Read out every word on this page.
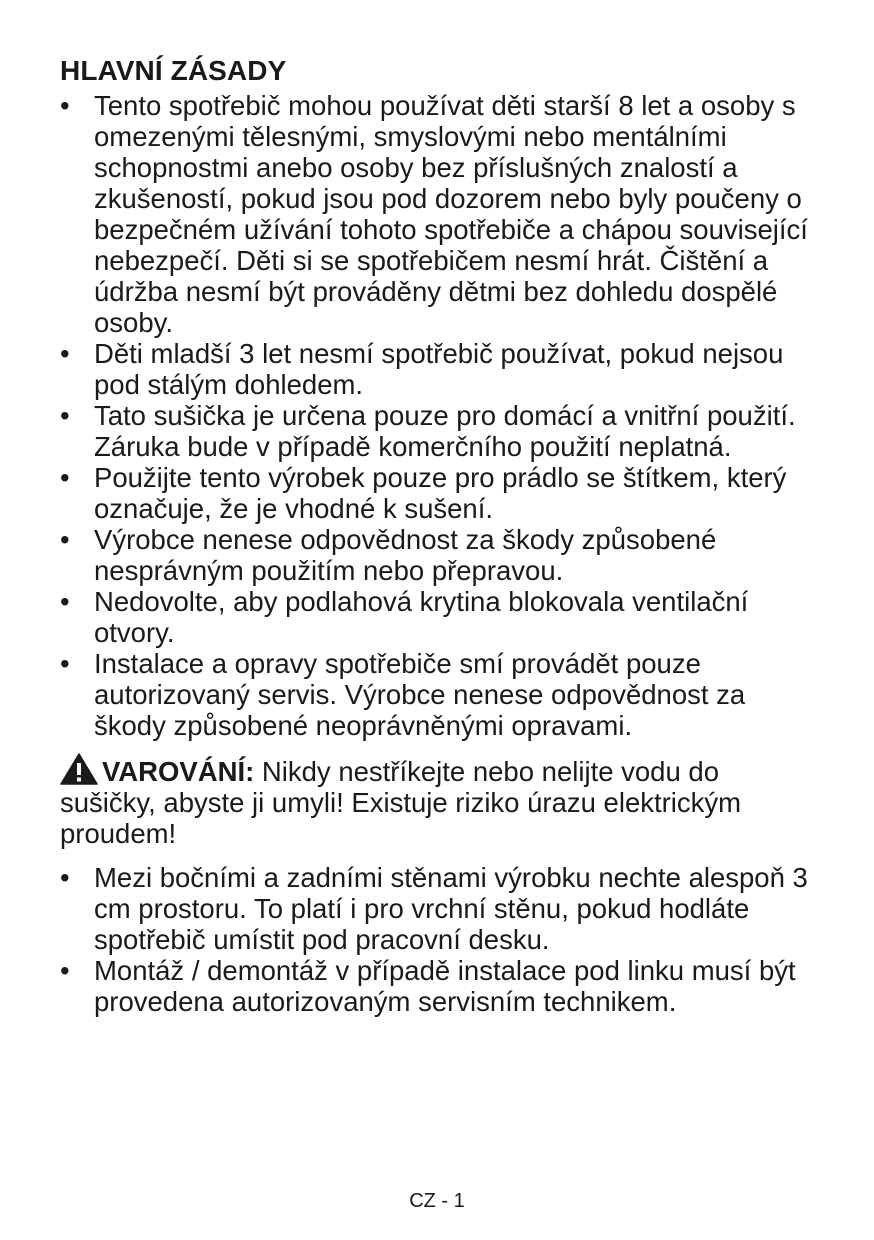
HLAVNÍ ZÁSADY
• Tento spotřebič mohou používat děti starší 8 let a osoby s omezenými tělesnými, smyslovými nebo mentálními schopnostmi anebo osoby bez příslušných znalostí a zkušeností, pokud jsou pod dozorem nebo byly poučeny o bezpečném užívání tohoto spotřebiče a chápou související nebezpečí. Děti si se spotřebičem nesmí hrát. Čištění a údržba nesmí být prováděny dětmi bez dohledu dospělé osoby.
• Děti mladší 3 let nesmí spotřebič používat, pokud nejsou pod stálým dohledem.
• Tato sušička je určena pouze pro domácí a vnitřní použití. Záruka bude v případě komerčního použití neplatná.
• Použijte tento výrobek pouze pro prádlo se štítkem, který označuje, že je vhodné k sušení.
• Výrobce nenese odpovědnost za škody způsobené nesprávným použitím nebo přepravou.
• Nedovolte, aby podlahová krytina blokovala ventilační otvory.
• Instalace a opravy spotřebiče smí provádět pouze autorizovaný servis. Výrobce nenese odpovědnost za škody způsobené neoprávněnými opravami.

VAROVÁNÍ: Nikdy nestříkejte nebo nelijte vodu do sušičky, abyste ji umyli! Existuje riziko úrazu elektrickým proudem!

• Mezi bočními a zadními stěnami výrobku nechte alespoň 3 cm prostoru. To platí i pro vrchní stěnu, pokud hodláte spotřebič umístit pod pracovní desku.
• Montáž / demontáž v případě instalace pod linku musí být provedena autorizovaným servisním technikem.
CZ - 1
